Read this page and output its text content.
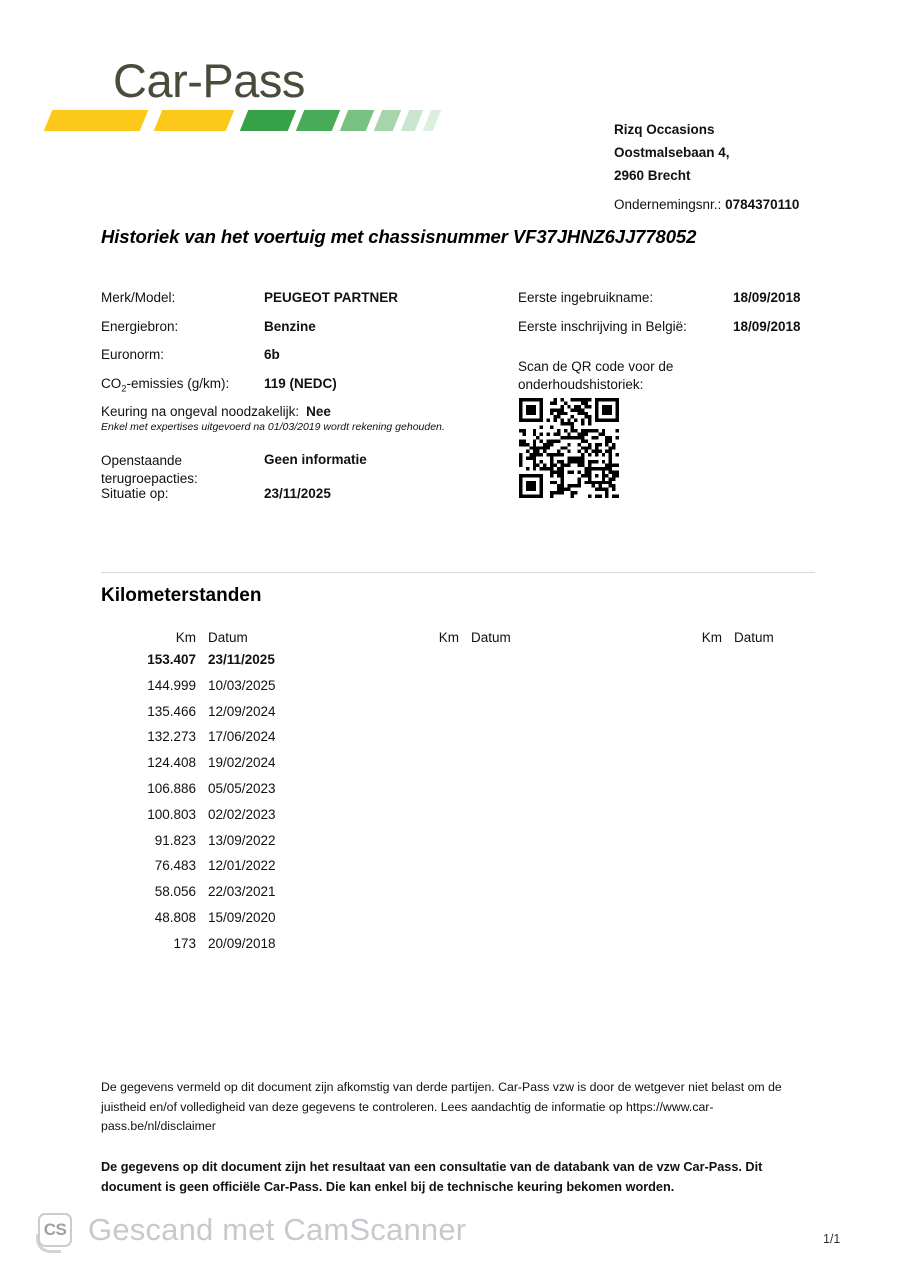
Car-Pass
Rizq Occasions
Oostmalsebaan 4,
2960 Brecht
Ondernemingsnr.: 0784370110
Historiek van het voertuig met chassisnummer VF37JHNZ6JJ778052
Merk/Model:	PEUGEOT PARTNER
Energiebron:	Benzine
Euronorm:	6b
$CO_2$-emissies (g/km):	119 (NEDC)
Eerste ingebruikname:	18/09/2018
Eerste inschrijving in België:	18/09/2018
Keuring na ongeval noodzakelijk: Nee
Enkel met expertises uitgevoerd na 01/03/2019 wordt rekening gehouden.
Openstaande
terugroepacties:
Geen informatie
Situatie op:	23/11/2025
Scan de QR code voor de
onderhoudshistoriek:
Kilometerstanden
Km Datum
153.407 23/11/2025
144.999 10/03/2025
135.466 12/09/2024
132.273 17/06/2024
124.408 19/02/2024
106.886 05/05/2023
100.803 02/02/2023
91.823 13/09/2022
76.483 12/01/2022
58.056 22/03/2021
48.808 15/09/2020
173 20/09/2018
Km Datum	Km Datum
De gegevens vermeld op dit document zijn afkomstig van derde partijen. Car-Pass vzw is door de wetgever niet belast om de juistheid en/of volledigheid van deze gegevens te controleren. Lees aandachtig de informatie op https://www.car-pass.be/nl/disclaimer
De gegevens op dit document zijn het resultaat van een consultatie van de databank van de vzw Car-Pass. Dit document is geen officiële Car-Pass. Die kan enkel bij de technische keuring bekomen worden.
CS Gescand met CamScanner	1/1
